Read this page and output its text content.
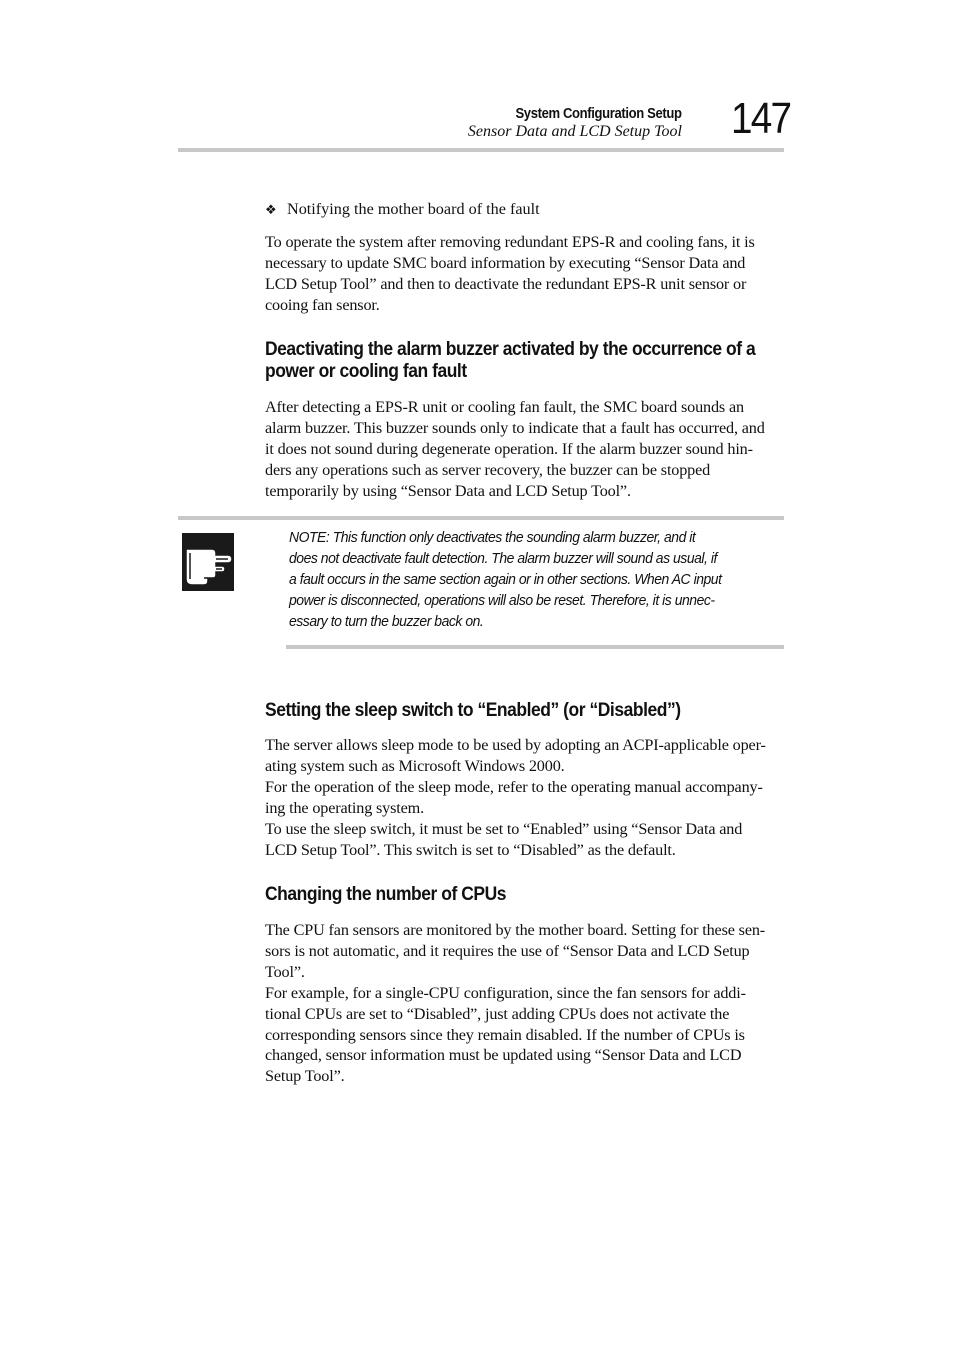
System Configuration Setup
Sensor Data and LCD Setup Tool 147
❖ Notifying the mother board of the fault
To operate the system after removing redundant EPS-R and cooling fans, it is
necessary to update SMC board information by executing “Sensor Data and
LCD Setup Tool” and then to deactivate the redundant EPS-R unit sensor or
cooing fan sensor.
Deactivating the alarm buzzer activated by the occurrence of a
power or cooling fan fault
After detecting a EPS-R unit or cooling fan fault, the SMC board sounds an
alarm buzzer. This buzzer sounds only to indicate that a fault has occurred, and
it does not sound during degenerate operation. If the alarm buzzer sound hin-
ders any operations such as server recovery, the buzzer can be stopped
temporarily by using “Sensor Data and LCD Setup Tool”.
NOTE: This function only deactivates the sounding alarm buzzer, and it
does not deactivate fault detection. The alarm buzzer will sound as usual, if
a fault occurs in the same section again or in other sections. When AC input
power is disconnected, operations will also be reset. Therefore, it is unnec-
essary to turn the buzzer back on.
Setting the sleep switch to “Enabled” (or “Disabled”)
The server allows sleep mode to be used by adopting an ACPI-applicable oper-
ating system such as Microsoft Windows 2000.
For the operation of the sleep mode, refer to the operating manual accompany-
ing the operating system.
To use the sleep switch, it must be set to “Enabled” using “Sensor Data and
LCD Setup Tool”. This switch is set to “Disabled” as the default.
Changing the number of CPUs
The CPU fan sensors are monitored by the mother board. Setting for these sen-
sors is not automatic, and it requires the use of “Sensor Data and LCD Setup
Tool”.
For example, for a single-CPU configuration, since the fan sensors for addi-
tional CPUs are set to “Disabled”, just adding CPUs does not activate the
corresponding sensors since they remain disabled. If the number of CPUs is
changed, sensor information must be updated using “Sensor Data and LCD
Setup Tool”.
